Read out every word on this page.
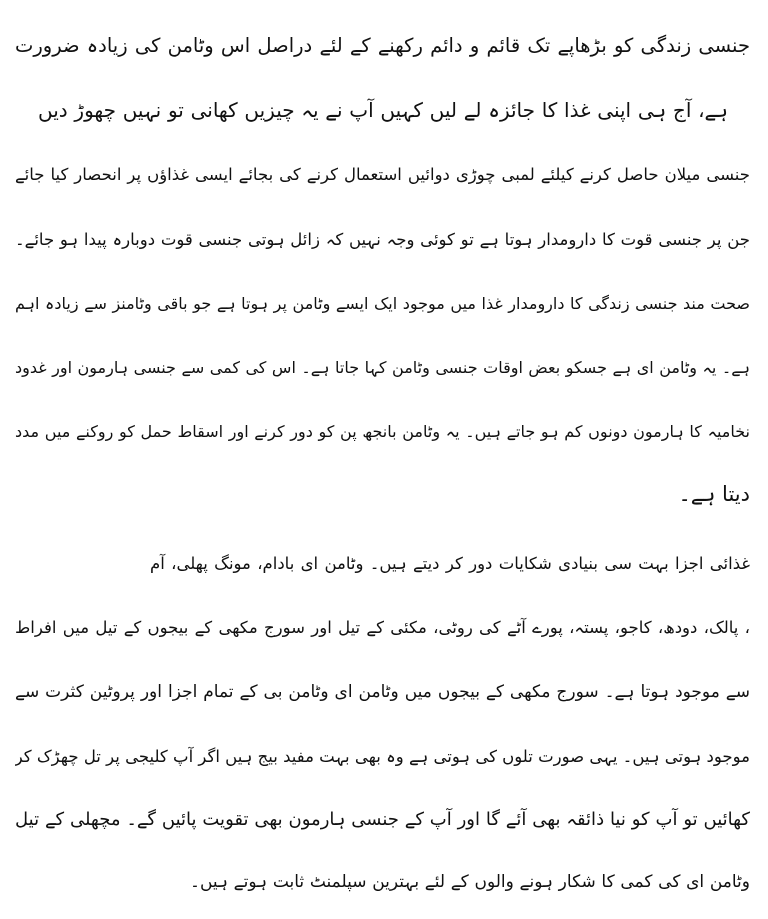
جنسی زندگی کو بڑھاپے تک قائم و دائم رکھنے کے لئے دراصل اس وٹامن کی زیادہ ضرورت
ہے، آج ہی اپنی غذا کا جائزہ لے لیں کہیں آپ نے یہ چیزیں کھانی تو نہیں چھوڑ دیں
جنسی میلان حاصل کرنے کیلئے لمبی چوڑی دوائیں استعمال کرنے کی بجائے ایسی غذاؤں پر انحصار کیا جائے
جن پر جنسی قوت کا دارومدار ہوتا ہے تو کوئی وجہ نہیں کہ زائل ہوتی جنسی قوت دوبارہ پیدا ہو جائے۔
صحت مند جنسی زندگی کا دارومدار غذا میں موجود ایک ایسے وٹامن پر ہوتا ہے جو باقی وٹامنز سے زیادہ اہم
ہے۔ یہ وٹامن ای ہے جسکو بعض اوقات جنسی وٹامن کہا جاتا ہے۔ اس کی کمی سے جنسی ہارمون اور غدود
نخامیہ کا ہارمون دونوں کم ہو جاتے ہیں۔ یہ وٹامن بانجھ پن کو دور کرنے اور اسقاط حمل کو روکنے میں مدد
دیتا ہے۔
غذائی اجزا بہت سی بنیادی شکایات دور کر دیتے ہیں۔ وٹامن ای بادام، مونگ پھلی، آم
، پالک، دودھ، کاجو، پستہ، پورے آٹے کی روٹی، مکئی کے تیل اور سورج مکھی کے بیجوں کے تیل میں افراط
سے موجود ہوتا ہے۔ سورج مکھی کے بیجوں میں وٹامن ای وٹامن بی کے تمام اجزا اور پروٹین کثرت سے
موجود ہوتی ہیں۔ یہی صورت تلوں کی ہوتی ہے وہ بھی بہت مفید بیج ہیں اگر آپ کلیجی پر تل چھڑک کر
کھائیں تو آپ کو نیا ذائقہ بھی آئے گا اور آپ کے جنسی ہارمون بھی تقویت پائیں گے۔ مچھلی کے تیل
وٹامن ای کی کمی کا شکار ہونے والوں کے لئے بہترین سپلمنٹ ثابت ہوتے ہیں۔
